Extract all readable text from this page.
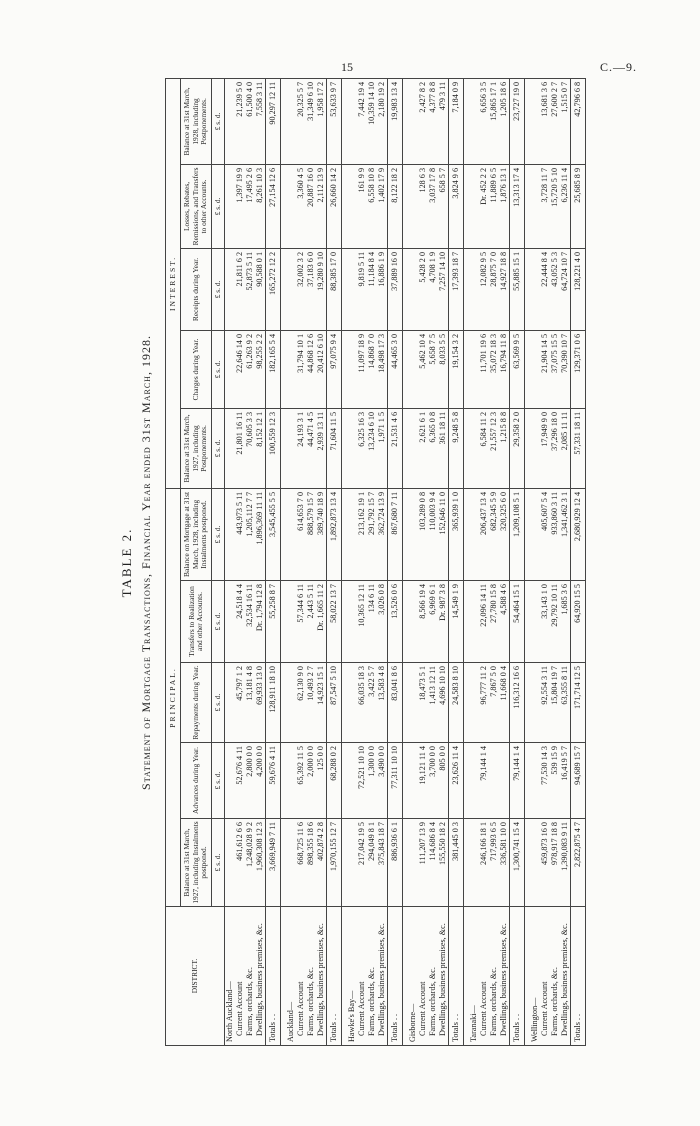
15	C.—9.
TABLE 2. Statement of Mortgage Transactions, Financial Year ended 31st March, 1928.
DISTRICT.	PRINCIPAL.					INTEREST.				
	Balance at 31st March, 1927, including Instalments postponed.	Advances during Year.	Repayments during Year.	Transfers to Realization and other Accounts.	Balance on Mortgage at 31st March, 1928, including Instalments postponed.	Balance at 31st March, 1927, including Postponements.	Charges during Year.	Receipts during Year.	Losses, Rebates, Remissions, and Transfers to other Accounts.	Balance at 31st March, 1928, including Postponements.
	£ s. d.	£ s. d.	£ s. d.	£ s. d.	£ s. d.	£ s. d.	£ s. d.	£ s. d.	£ s. d.	£ s. d.
North Auckland—										
Current Account	461,612 6 6	52,676 4 11	45,797 1 2	24,518 4 4	443,973 5 11	21,801 16 11	22,646 14 0	21,811 6 2	1,397 19 9	21,239 5 0
Farms, orchards, &c.	1,248,028 9 2	2,800 0 0	13,181 4 8	32,534 16 11	1,205,112 7 7	70,605 3 3	61,263 9 2	52,873 5 11	17,495 2 6	61,500 4 0
Dwellings, business premises, &c.	1,960,308 12 3	4,200 0 0	69,933 13 0	Dr. 1,794 12 8	1,896,369 11 11	8,152 12 1	98,255 2 2	90,588 0 1	8,261 10 3	7,558 3 11
Totals . .	3,669,949 7 11	59,676 4 11	128,911 18 10	55,258 8 7	3,545,455 5 5	100,559 12 3	182,165 5 4	165,272 12 2	27,154 12 6	90,297 12 11

Auckland—										
Current Account	668,725 11 6	65,392 11 5	62,130 9 0	57,344 6 11	614,653 7 0	24,193 3 1	31,794 10 1	32,002 3 2	3,360 4 5	20,325 5 7
Farms, orchards, &c.	898,355 18 6	2,000 0 0	10,493 2 7	2,443 5 11	888,579 15 7	44,471 4 5	44,868 12 6	37,183 6 0	20,887 16 0	31,349 6 10
Dwellings, business premises, &c.	402,874 2 8	125 0 0	14,923 15 1	Dr. 1,665 11 2	389,740 18 9	2,939 13 11	20,412 6 10	19,280 9 10	2,112 13 9	1,958 17 2
Totals . .	1,970,155 12 7	68,288 0 2	87,547 5 10	58,022 13 7	1,892,873 13 4	71,604 11 5	97,075 9 4	88,385 17 0	26,660 14 2	53,633 9 7

Hawke's Bay—										
Current Account	217,042 19 5	72,521 10 10	66,035 18 3	10,365 12 11	213,162 19 1	6,325 16 3	11,097 18 9	9,819 5 11	161 9 9	7,442 19 4
Farms, orchards, &c.	294,049 8 1	1,300 0 0	3,422 5 7	134 6 11	291,792 15 7	13,234 6 10	14,868 7 0	11,184 8 4	6,558 10 8	10,359 14 10
Dwellings, business premises, &c.	375,843 18 7	3,490 0 0	13,583 4 8	3,026 0 8	362,724 13 9	1,971 1 5	18,498 17 3	16,886 1 9	1,402 17 9	2,180 19 2
Totals . .	886,936 6 1	77,311 10 10	83,041 8 6	13,526 0 6	867,680 7 11	21,531 4 6	44,465 3 0	37,889 16 0	8,122 18 2	19,983 13 4

Gisborne—										
Current Account	111,207 13 9	19,121 11 4	18,473 5 1	8,566 19 4	103,289 0 8	2,621 6 1	5,462 10 4	5,428 2 0	128 6 3	2,427 8 2
Farms, orchards, &c.	114,686 8 4	3,700 0 0	1,413 12 11	6,969 6 1	110,003 9 4	6,365 0 8	5,658 7 5	4,708 1 9	3,037 17 8	4,377 8 8
Dwellings, business premises, &c.	155,550 18 2	805 0 0	4,696 10 10	Dr. 987 3 8	152,646 11 0	361 18 11	8,033 5 5	7,257 14 10	658 5 7	479 3 11
Totals . .	381,445 0 3	23,626 11 4	24,583 8 10	14,549 1 9	365,939 1 0	9,248 5 8	19,154 3 2	17,393 18 7	3,824 9 6	7,184 0 9

Taranaki—										
Current Account	246,166 18 1	79,144 1 4	96,777 11 2	22,096 14 11	206,437 13 4	6,584 11 2	11,701 19 6	12,082 9 5	Dr. 452 2 2	6,656 3 5
Farms, orchards, &c.	717,993 6 5		7,867 5 0	27,780 15 8	682,345 5 9	21,557 12 3	35,072 18 3	28,875 7 0	11,889 6 5	15,865 17 1
Dwellings, business premises, &c.	336,581 10 0		11,668 0 4	4,588 4 6	320,325 6 0	1,215 8 8	16,794 11 8	14,927 18 8	1,876 13 1	1,205 18 6
Totals . .	1,300,741 15 4	79,144 1 4	116,312 16 6	54,464 15 1	1,209,108 5 1	29,358 2 0	63,569 9 5	55,885 15 1	13,313 17 4	23,727 19 0

Wellington—										
Current Account	459,873 16 0	77,530 14 3	92,554 3 11	33,143 1 0	405,607 5 4	17,949 9 0	21,904 14 5	22,444 8 4	3,728 11 7	13,681 3 6
Farms, orchards, &c.	978,917 18 8	539 15 9	15,804 19 7	29,792 10 11	933,860 3 11	37,296 18 0	37,075 15 5	43,052 5 3	15,720 5 10	27,600 2 7
Dwellings, business premises, &c.	1,390,083 9 11	16,419 5 7	63,355 8 11	1,685 3 6	1,341,462 3 1	2,085 11 11	70,390 10 7	64,724 10 7	6,236 11 4	1,515 0 7
Totals . .	2,822,875 4 7	94,689 15 7	171,714 12 5	64,920 15 5	2,680,929 12 4	57,331 18 11	129,371 0 6	128,221 4 0	25,685 8 9	42,796 6 8
